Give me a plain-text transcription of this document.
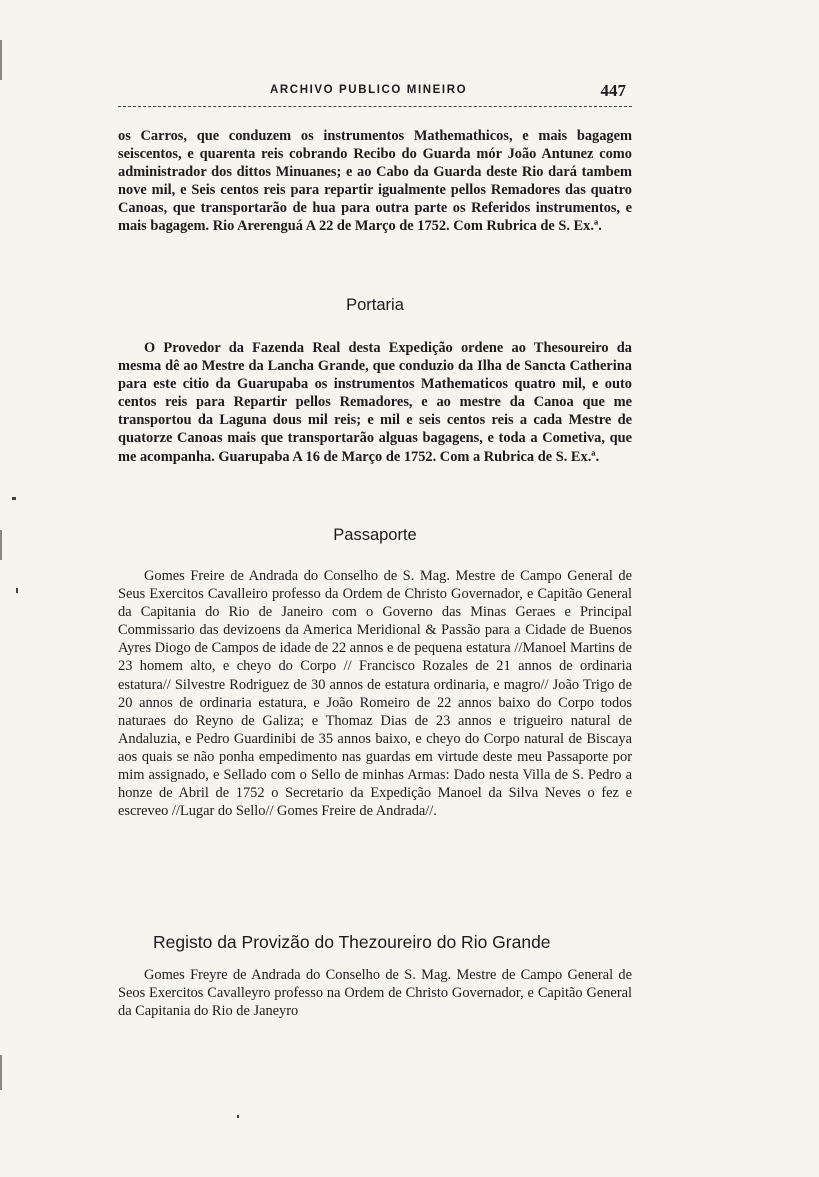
ARCHIVO PUBLICO MINEIRO	447

os Carros, que conduzem os instrumentos Mathemathicos, e mais bagagem seiscentos, e quarenta reis cobrando Recibo do Guarda mór João Antunez como administrador dos dittos Minuanes; e ao Cabo da Guarda deste Rio dará tambem nove mil, e Seis centos reis para repartir igualmente pellos Remadores das quatro Canoas, que transportarão de hua para outra parte os Referidos instrumentos, e mais bagagem. Rio Arerenguá A 22 de Março de 1752. Com Rubrica de S. Ex.ª.

Portaria

O Provedor da Fazenda Real desta Expedição ordene ao Thesoureiro da mesma dê ao Mestre da Lancha Grande, que conduzio da Ilha de Sancta Catherina para este citio da Guarupaba os instrumentos Mathematicos quatro mil, e outo centos reis para Repartir pellos Remadores, e ao mestre da Canoa que me transportou da Laguna dous mil reis; e mil e seis centos reis a cada Mestre de quatorze Canoas mais que transportarão alguas bagagens, e toda a Cometiva, que me acompanha. Guarupaba A 16 de Março de 1752. Com a Rubrica de S. Ex.ª.

Passaporte

Gomes Freire de Andrada do Conselho de S. Mag. Mestre de Campo General de Seus Exercitos Cavalleiro professo da Ordem de Christo Governador, e Capitão General da Capitania do Rio de Janeiro com o Governo das Minas Geraes e Principal Commissario das devizoens da America Meridional & Passão para a Cidade de Buenos Ayres Diogo de Campos de idade de 22 annos e de pequena estatura //Manoel Martins de 23 homem alto, e cheyo do Corpo // Francisco Rozales de 21 annos de ordinaria estatura// Silvestre Rodriguez de 30 annos de estatura ordinaria, e magro// João Trigo de 20 annos de ordinaria estatura, e João Romeiro de 22 annos baixo do Corpo todos naturaes do Reyno de Galiza; e Thomaz Dias de 23 annos e trigueiro natural de Andaluzia, e Pedro Guardinibi de 35 annos baixo, e cheyo do Corpo natural de Biscaya aos quais se não ponha empedimento nas guardas em virtude deste meu Passaporte por mim assignado, e Sellado com o Sello de minhas Armas: Dado nesta Villa de S. Pedro a honze de Abril de 1752 o Secretario da Expedição Manoel da Silva Neves o fez e escreveo //Lugar do Sello// Gomes Freire de Andrada//.

Registo da Provizão do Thezoureiro do Rio Grande

Gomes Freyre de Andrada do Conselho de S. Mag. Mestre de Campo General de Seos Exercitos Cavalleyro professo na Ordem de Christo Governador, e Capitão General da Capitania do Rio de Janeyro
